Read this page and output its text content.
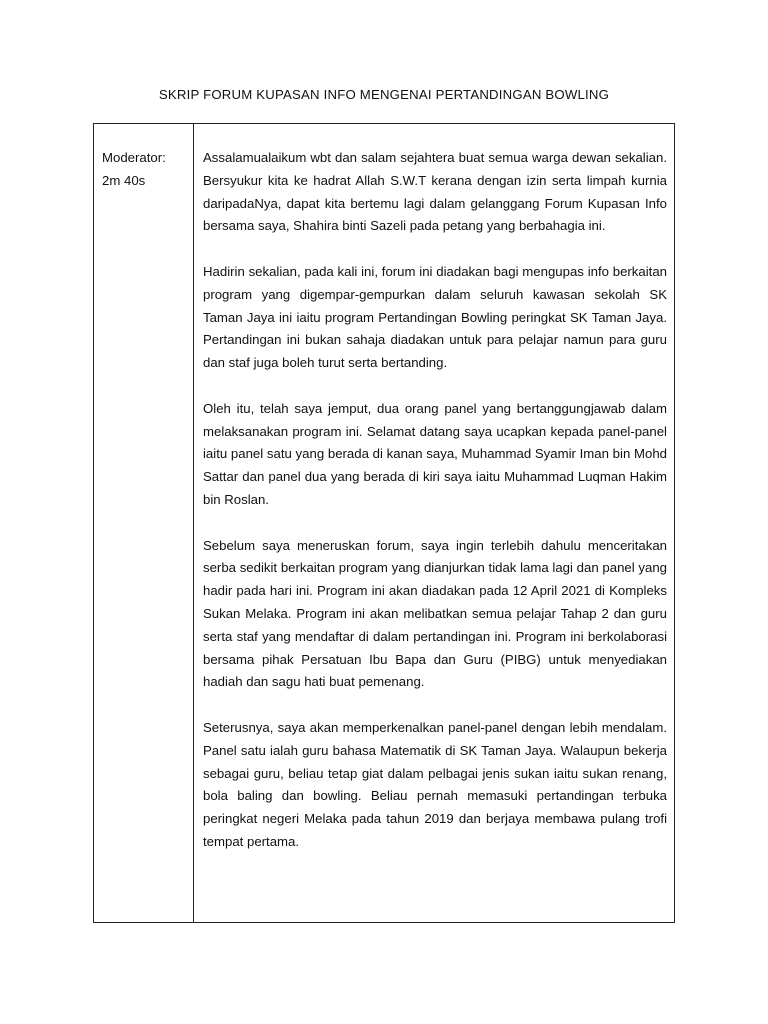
SKRIP FORUM KUPASAN INFO MENGENAI PERTANDINGAN BOWLING
Moderator:
2m 40s

Assalamualaikum wbt dan salam sejahtera buat semua warga dewan sekalian. Bersyukur kita ke hadrat Allah S.W.T kerana dengan izin serta limpah kurnia daripadaNya, dapat kita bertemu lagi dalam gelanggang Forum Kupasan Info bersama saya, Shahira binti Sazeli pada petang yang berbahagia ini.

Hadirin sekalian, pada kali ini, forum ini diadakan bagi mengupas info berkaitan program yang digempar-gempurkan dalam seluruh kawasan sekolah SK Taman Jaya ini iaitu program Pertandingan Bowling peringkat SK Taman Jaya. Pertandingan ini bukan sahaja diadakan untuk para pelajar namun para guru dan staf juga boleh turut serta bertanding.

Oleh itu, telah saya jemput, dua orang panel yang bertanggungjawab dalam melaksanakan program ini. Selamat datang saya ucapkan kepada panel-panel iaitu panel satu yang berada di kanan saya, Muhammad Syamir Iman bin Mohd Sattar dan panel dua yang berada di kiri saya iaitu Muhammad Luqman Hakim bin Roslan.

Sebelum saya meneruskan forum, saya ingin terlebih dahulu menceritakan serba sedikit berkaitan program yang dianjurkan tidak lama lagi dan panel yang hadir pada hari ini. Program ini akan diadakan pada 12 April 2021 di Kompleks Sukan Melaka. Program ini akan melibatkan semua pelajar Tahap 2 dan guru serta staf yang mendaftar di dalam pertandingan ini. Program ini berkolaborasi bersama pihak Persatuan Ibu Bapa dan Guru (PIBG) untuk menyediakan hadiah dan sagu hati buat pemenang.

Seterusnya, saya akan memperkenalkan panel-panel dengan lebih mendalam. Panel satu ialah guru bahasa Matematik di SK Taman Jaya. Walaupun bekerja sebagai guru, beliau tetap giat dalam pelbagai jenis sukan iaitu sukan renang, bola baling dan bowling. Beliau pernah memasuki pertandingan terbuka peringkat negeri Melaka pada tahun 2019 dan berjaya membawa pulang trofi tempat pertama.
